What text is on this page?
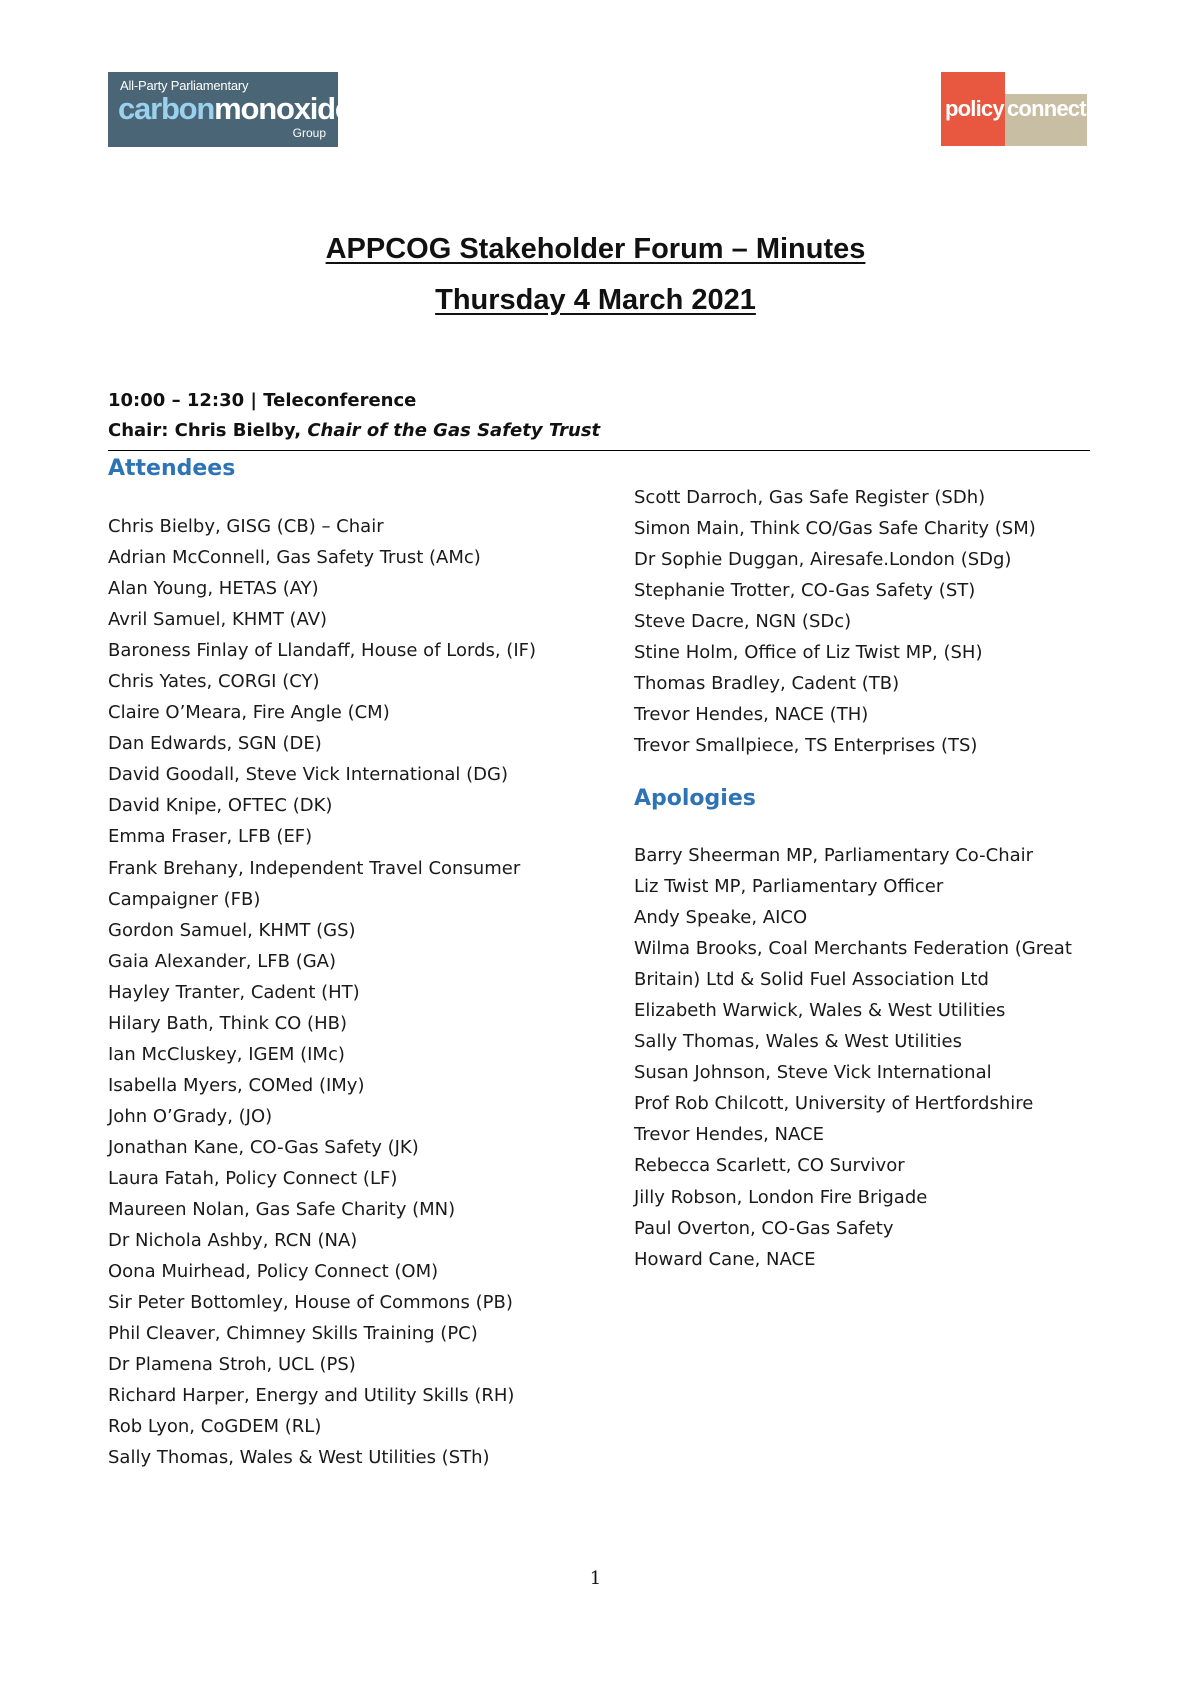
All-Party Parliamentary
carbonmonoxide
Group
policy connect
APPCOG Stakeholder Forum – Minutes
Thursday 4 March 2021
10:00 – 12:30 | Teleconference
Chair: Chris Bielby, Chair of the Gas Safety Trust
Attendees
Chris Bielby, GISG (CB) – Chair
Adrian McConnell, Gas Safety Trust (AMc)
Alan Young, HETAS (AY)
Avril Samuel, KHMT (AV)
Baroness Finlay of Llandaff, House of Lords, (IF)
Chris Yates, CORGI (CY)
Claire O’Meara, Fire Angle (CM)
Dan Edwards, SGN (DE)
David Goodall, Steve Vick International (DG)
David Knipe, OFTEC (DK)
Emma Fraser, LFB (EF)
Frank Brehany, Independent Travel Consumer
Campaigner (FB)
Gordon Samuel, KHMT (GS)
Gaia Alexander, LFB (GA)
Hayley Tranter, Cadent (HT)
Hilary Bath, Think CO (HB)
Ian McCluskey, IGEM (IMc)
Isabella Myers, COMed (IMy)
John O’Grady, (JO)
Jonathan Kane, CO-Gas Safety (JK)
Laura Fatah, Policy Connect (LF)
Maureen Nolan, Gas Safe Charity (MN)
Dr Nichola Ashby, RCN (NA)
Oona Muirhead, Policy Connect (OM)
Sir Peter Bottomley, House of Commons (PB)
Phil Cleaver, Chimney Skills Training (PC)
Dr Plamena Stroh, UCL (PS)
Richard Harper, Energy and Utility Skills (RH)
Rob Lyon, CoGDEM (RL)
Sally Thomas, Wales & West Utilities (STh)
Scott Darroch, Gas Safe Register (SDh)
Simon Main, Think CO/Gas Safe Charity (SM)
Dr Sophie Duggan, Airesafe.London (SDg)
Stephanie Trotter, CO-Gas Safety (ST)
Steve Dacre, NGN (SDc)
Stine Holm, Office of Liz Twist MP, (SH)
Thomas Bradley, Cadent (TB)
Trevor Hendes, NACE (TH)
Trevor Smallpiece, TS Enterprises (TS)
Apologies
Barry Sheerman MP, Parliamentary Co-Chair
Liz Twist MP, Parliamentary Officer
Andy Speake, AICO
Wilma Brooks, Coal Merchants Federation (Great
Britain) Ltd & Solid Fuel Association Ltd
Elizabeth Warwick, Wales & West Utilities
Sally Thomas, Wales & West Utilities
Susan Johnson, Steve Vick International
Prof Rob Chilcott, University of Hertfordshire
Trevor Hendes, NACE
Rebecca Scarlett, CO Survivor
Jilly Robson, London Fire Brigade
Paul Overton, CO-Gas Safety
Howard Cane, NACE
1
